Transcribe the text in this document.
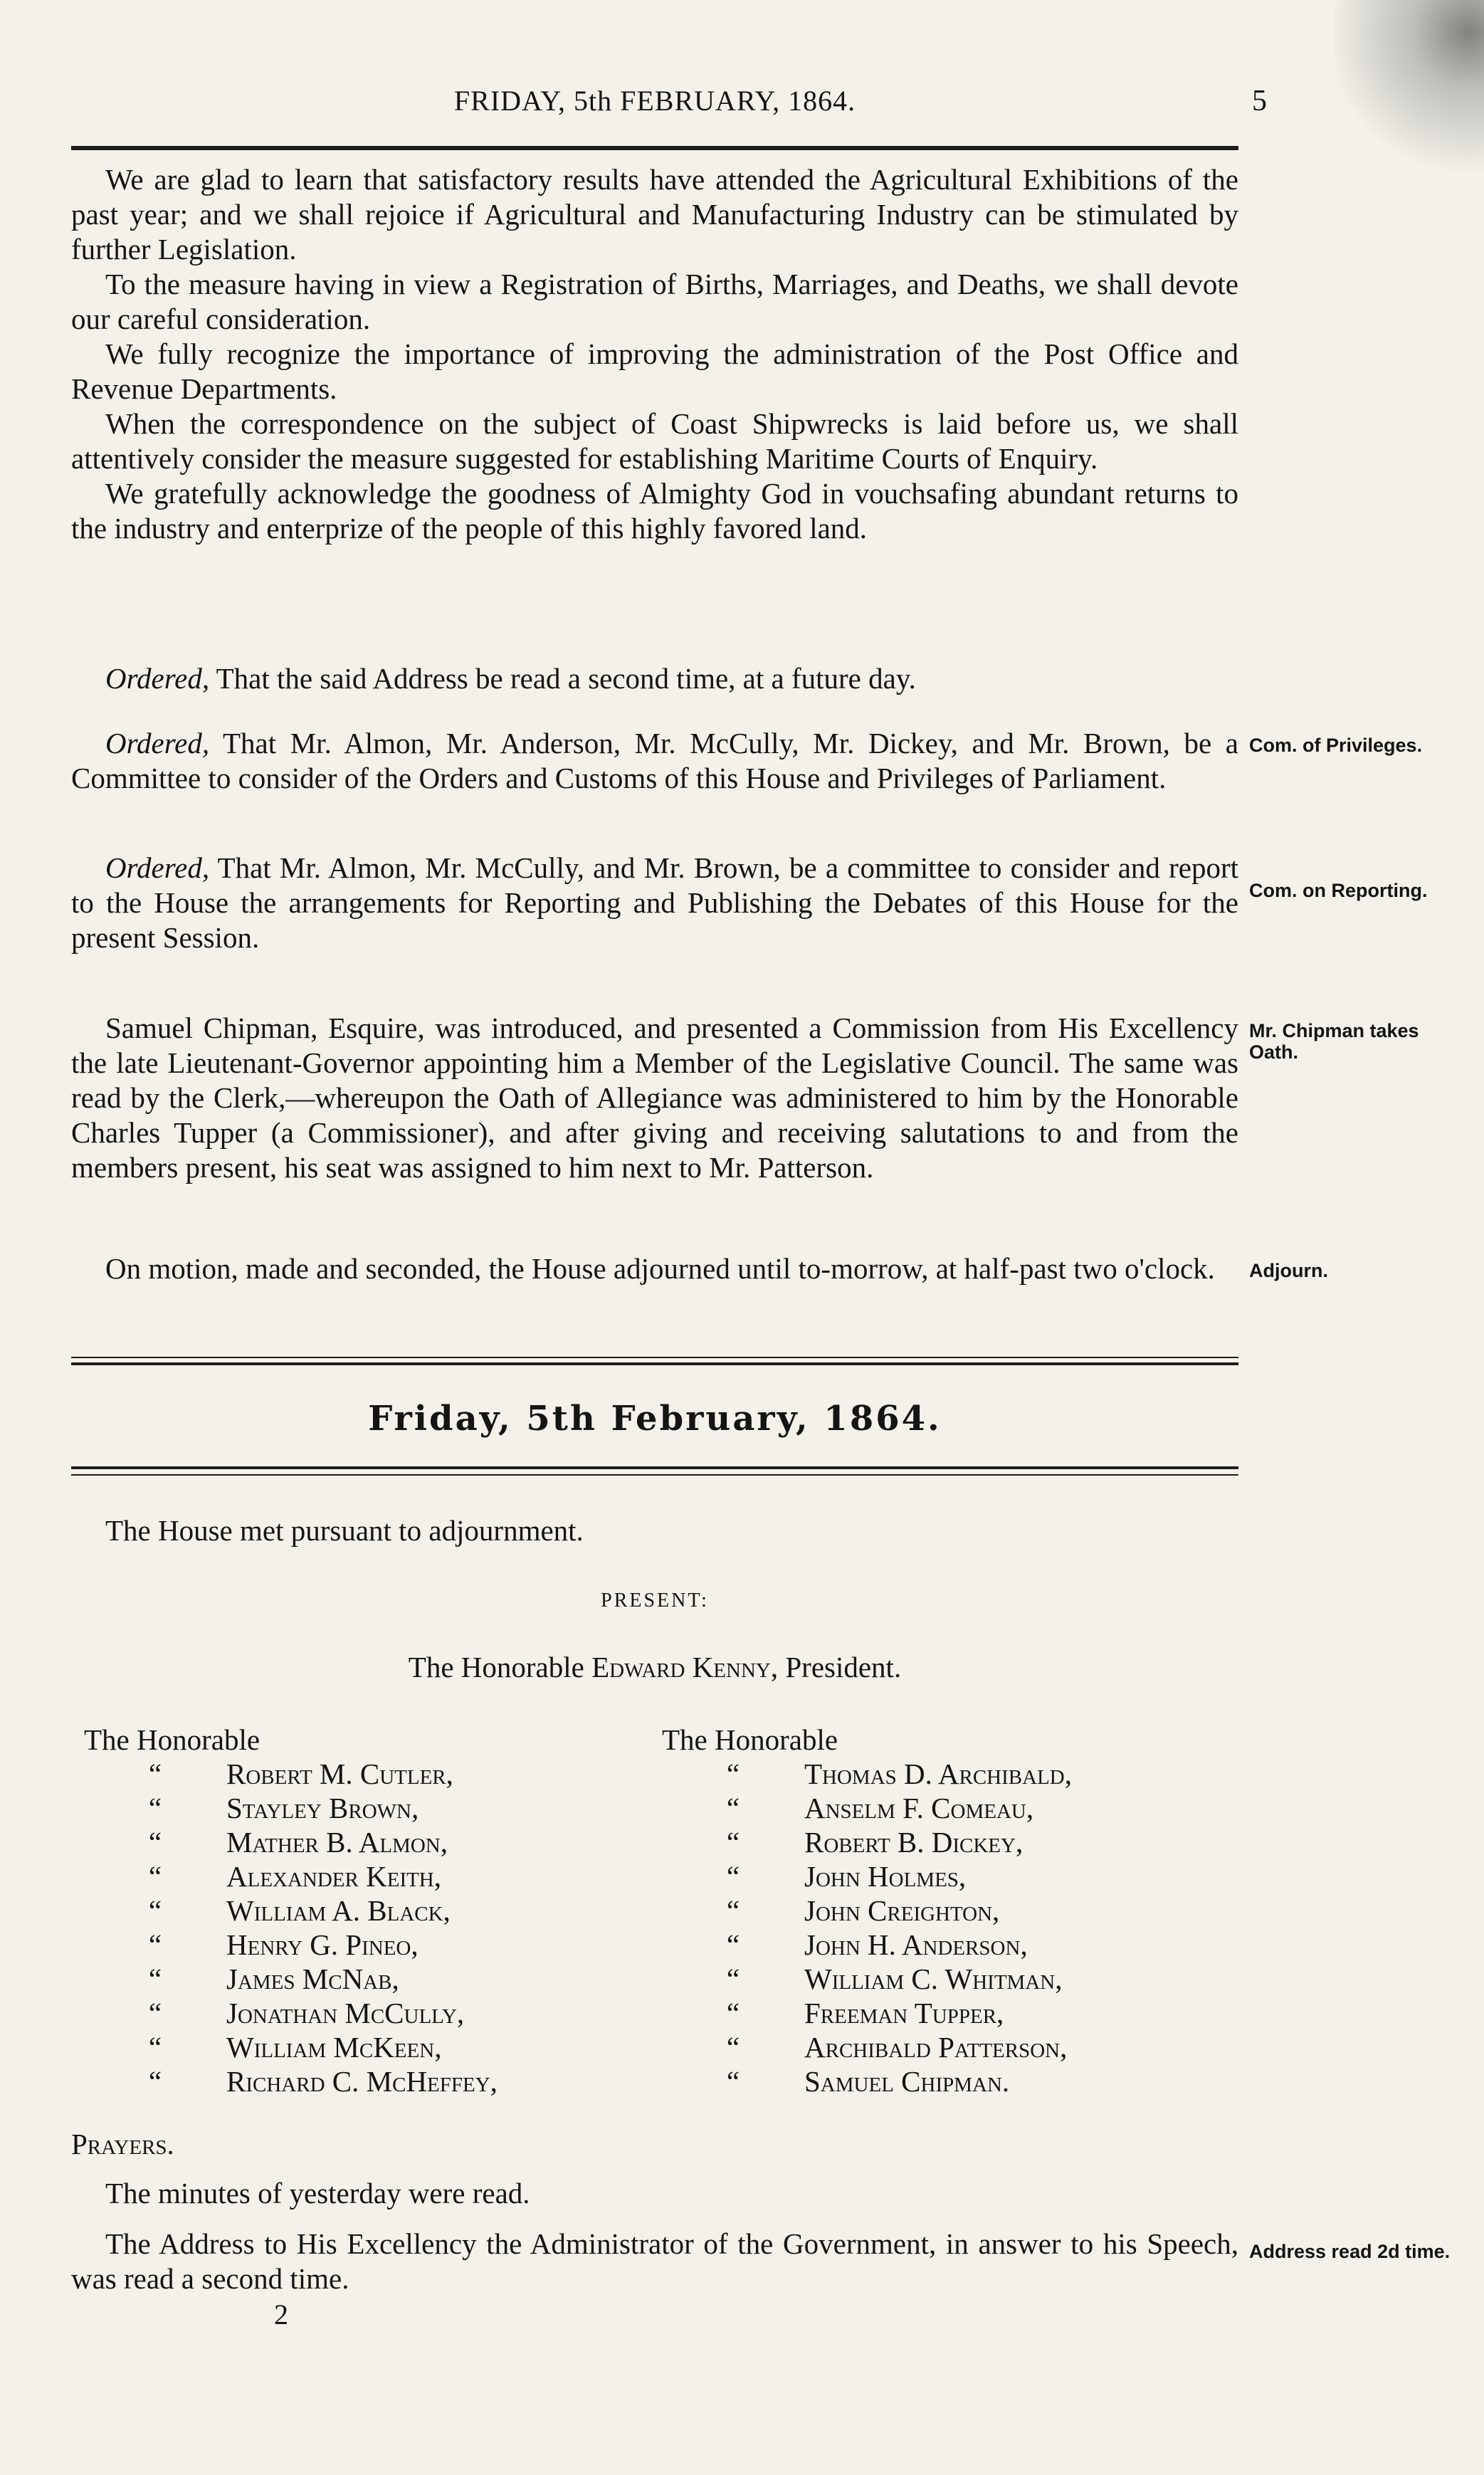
FRIDAY, 5th FEBRUARY, 1864.	5

We are glad to learn that satisfactory results have attended the Agricultural Exhibitions of the past year; and we shall rejoice if Agricultural and Manufacturing Industry can be stimulated by further Legislation.

To the measure having in view a Registration of Births, Marriages, and Deaths, we shall devote our careful consideration.

We fully recognize the importance of improving the administration of the Post Office and Revenue Departments.

When the correspondence on the subject of Coast Shipwrecks is laid before us, we shall attentively consider the measure suggested for establishing Maritime Courts of Enquiry.

We gratefully acknowledge the goodness of Almighty God in vouchsafing abundant returns to the industry and enterprize of the people of this highly favored land.

Ordered, That the said Address be read a second time, at a future day.

Ordered, That Mr. Almon, Mr. Anderson, Mr. McCully, Mr. Dickey, and Mr. Brown, be a Committee to consider of the Orders and Customs of this House and Privileges of Parliament.

Com. of Privileges.

Ordered, That Mr. Almon, Mr. McCully, and Mr. Brown, be a committee to consider and report to the House the arrangements for Reporting and Publishing the Debates of this House for the present Session.

Com. on Reporting.

Samuel Chipman, Esquire, was introduced, and presented a Commission from His Excellency the late Lieutenant-Governor appointing him a Member of the Legislative Council. The same was read by the Clerk,—whereupon the Oath of Allegiance was administered to him by the Honorable Charles Tupper (a Commissioner), and after giving and receiving salutations to and from the members present, his seat was assigned to him next to Mr. Patterson.

Mr. Chipman takes Oath.

On motion, made and seconded, the House adjourned until to-morrow, at half-past two o'clock.	Adjourn.
Friday, 5th February, 1864.

The House met pursuant to adjournment.

PRESENT:
The Honorable Edward Kenny, President.
The Honorable
“	Robert M. Cutler,
“	Stayley Brown,
“	Mather B. Almon,
“	Alexander Keith,
“	William A. Black,
“	Henry G. Pineo,
“	James McNab,
“	Jonathan McCully,
“	William McKeen,
“	Richard C. McHeffey,
The Honorable
“	Thomas D. Archibald,
“	Anselm F. Comeau,
“	Robert B. Dickey,
“	John Holmes,
“	John Creighton,
“	John H. Anderson,
“	William C. Whitman,
“	Freeman Tupper,
“	Archibald Patterson,
“	Samuel Chipman.

Prayers.

The minutes of yesterday were read.

The Address to His Excellency the Administrator of the Government, in answer to his Speech, was read a second time.

Address read 2d time.
2
